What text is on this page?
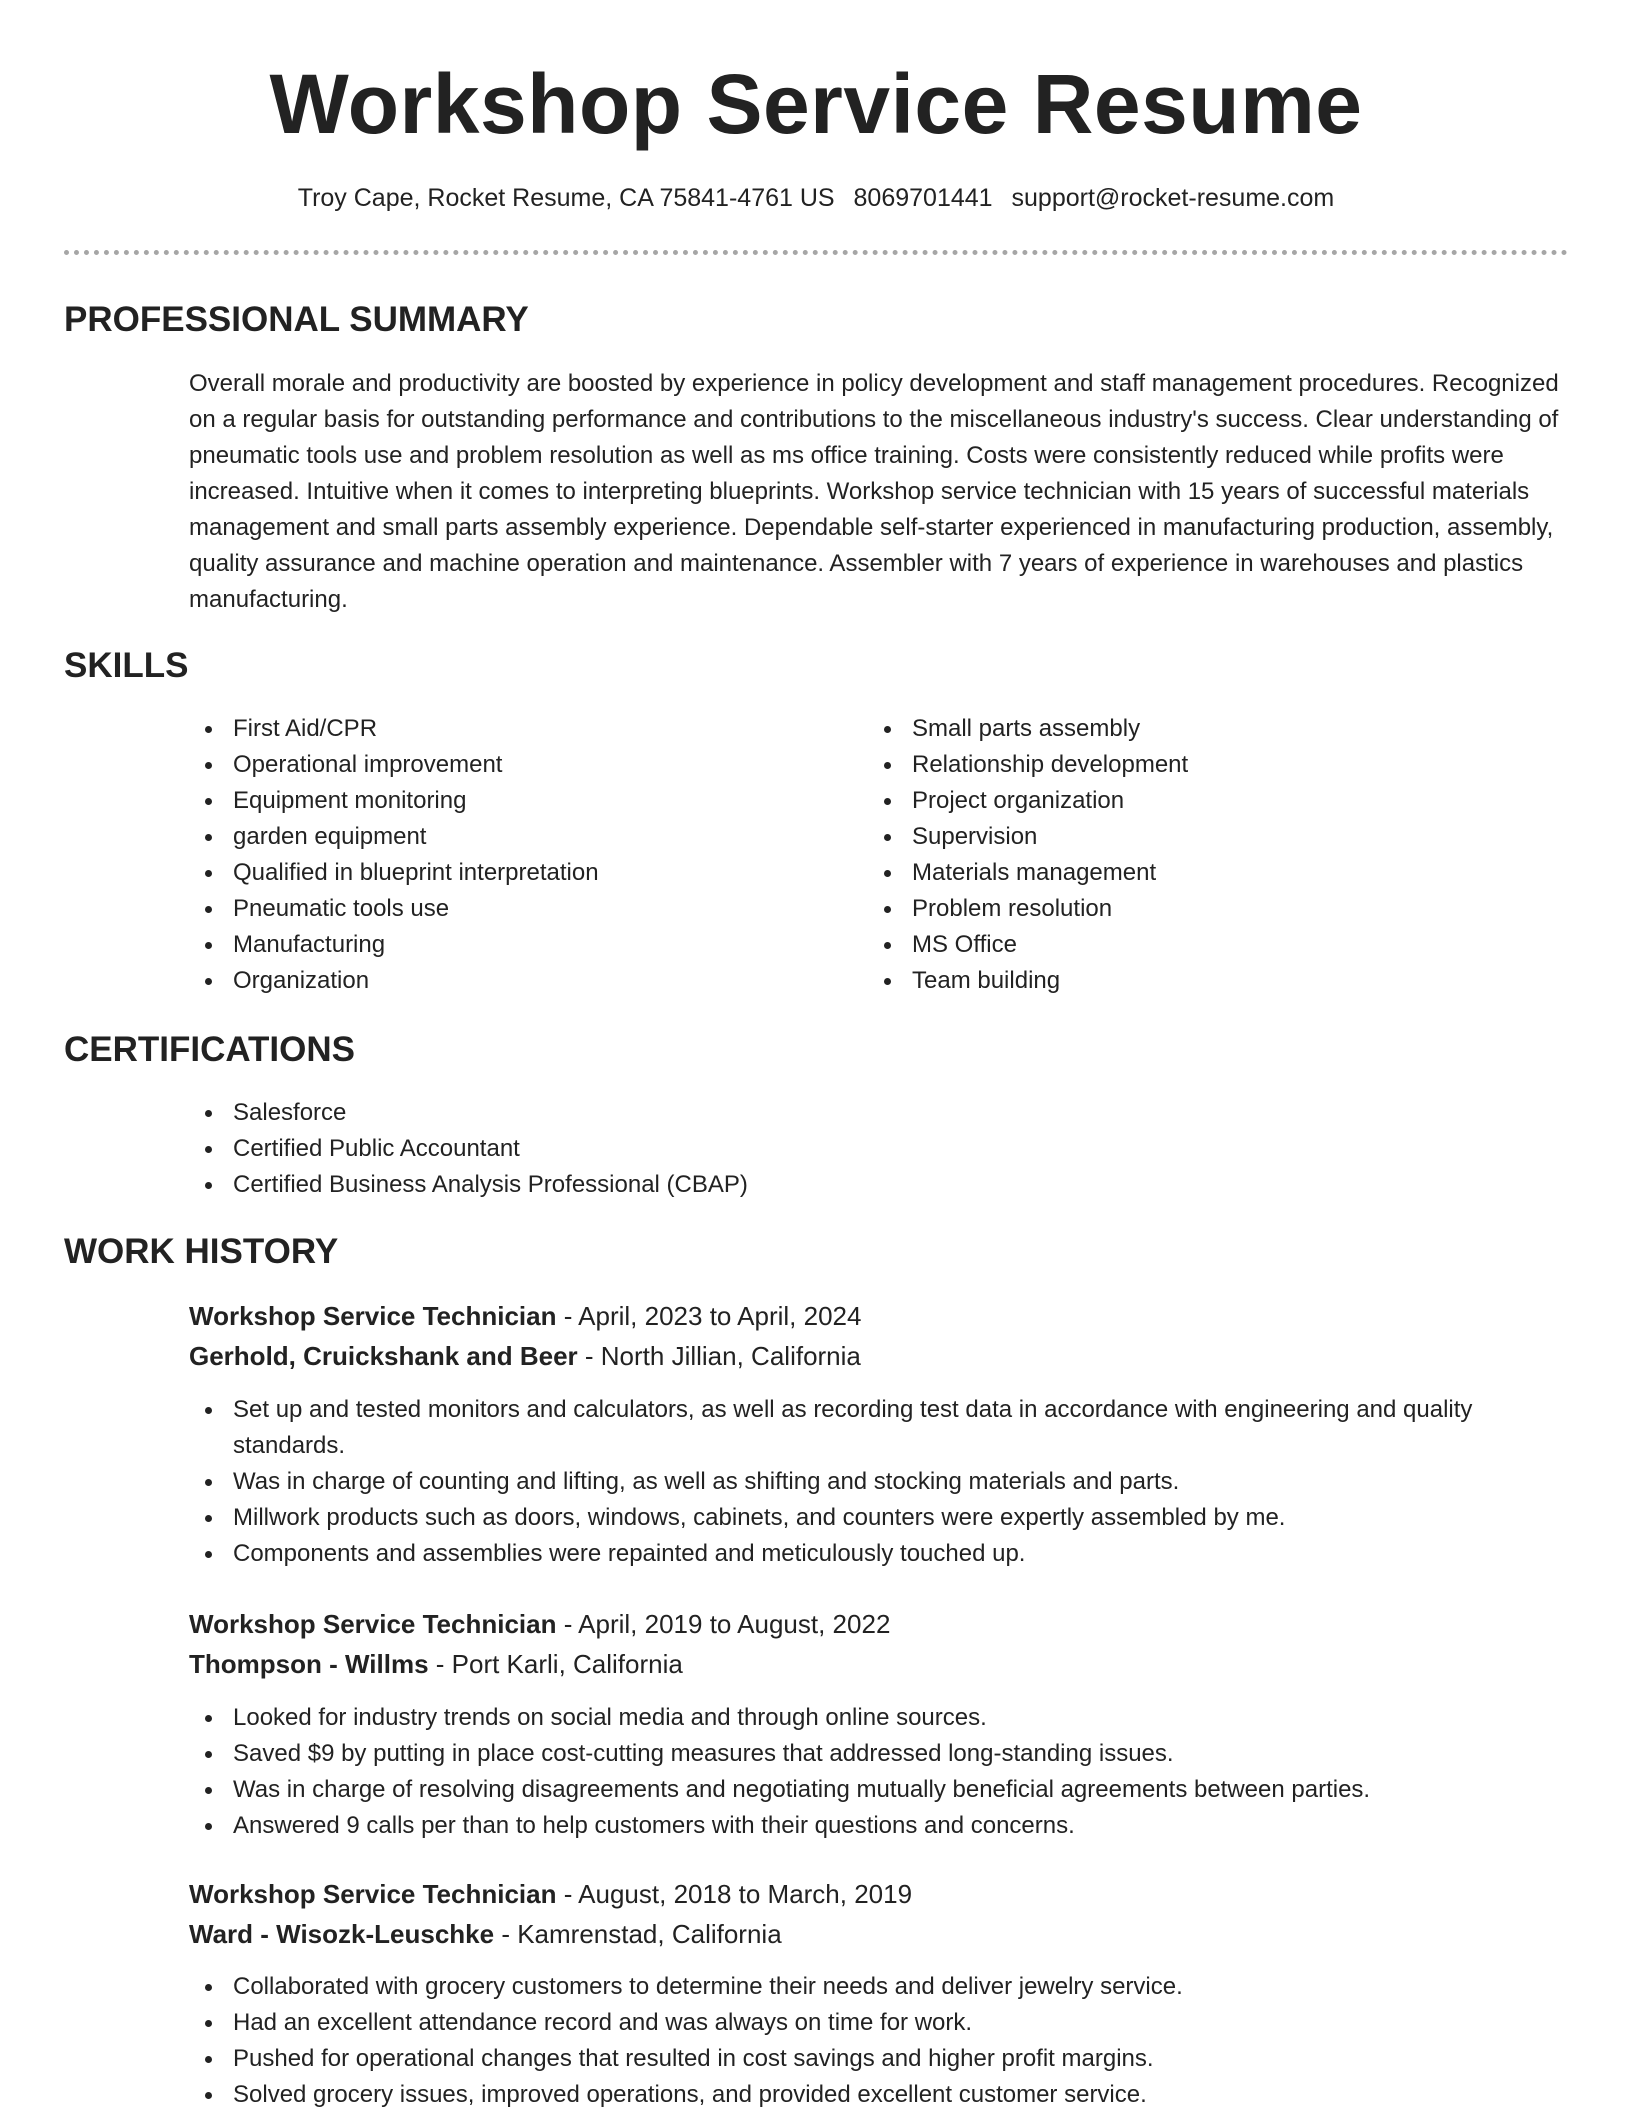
Workshop Service Resume
Troy Cape, Rocket Resume, CA 75841-4761 US 8069701441 support@rocket-resume.com
PROFESSIONAL SUMMARY

Overall morale and productivity are boosted by experience in policy development and staff management procedures. Recognized on a regular basis for outstanding performance and contributions to the miscellaneous industry's success. Clear understanding of pneumatic tools use and problem resolution as well as ms office training. Costs were consistently reduced while profits were increased. Intuitive when it comes to interpreting blueprints. Workshop service technician with 15 years of successful materials management and small parts assembly experience. Dependable self-starter experienced in manufacturing production, assembly, quality assurance and machine operation and maintenance. Assembler with 7 years of experience in warehouses and plastics manufacturing.

SKILLS
First Aid/CPR
Operational improvement
Equipment monitoring
garden equipment
Qualified in blueprint interpretation
Pneumatic tools use
Manufacturing
Organization
Small parts assembly
Relationship development
Project organization
Supervision
Materials management
Problem resolution
MS Office
Team building
CERTIFICATIONS
Salesforce
Certified Public Accountant
Certified Business Analysis Professional (CBAP)
WORK HISTORY
Workshop Service Technician - April, 2023 to April, 2024
Gerhold, Cruickshank and Beer - North Jillian, California
Set up and tested monitors and calculators, as well as recording test data in accordance with engineering and quality standards.
Was in charge of counting and lifting, as well as shifting and stocking materials and parts.
Millwork products such as doors, windows, cabinets, and counters were expertly assembled by me.
Components and assemblies were repainted and meticulously touched up.
Workshop Service Technician - April, 2019 to August, 2022
Thompson - Willms - Port Karli, California
Looked for industry trends on social media and through online sources.
Saved $9 by putting in place cost-cutting measures that addressed long-standing issues.
Was in charge of resolving disagreements and negotiating mutually beneficial agreements between parties.
Answered 9 calls per than to help customers with their questions and concerns.
Workshop Service Technician - August, 2018 to March, 2019
Ward - Wisozk-Leuschke - Kamrenstad, California
Collaborated with grocery customers to determine their needs and deliver jewelry service.
Had an excellent attendance record and was always on time for work.
Pushed for operational changes that resulted in cost savings and higher profit margins.
Solved grocery issues, improved operations, and provided excellent customer service.
